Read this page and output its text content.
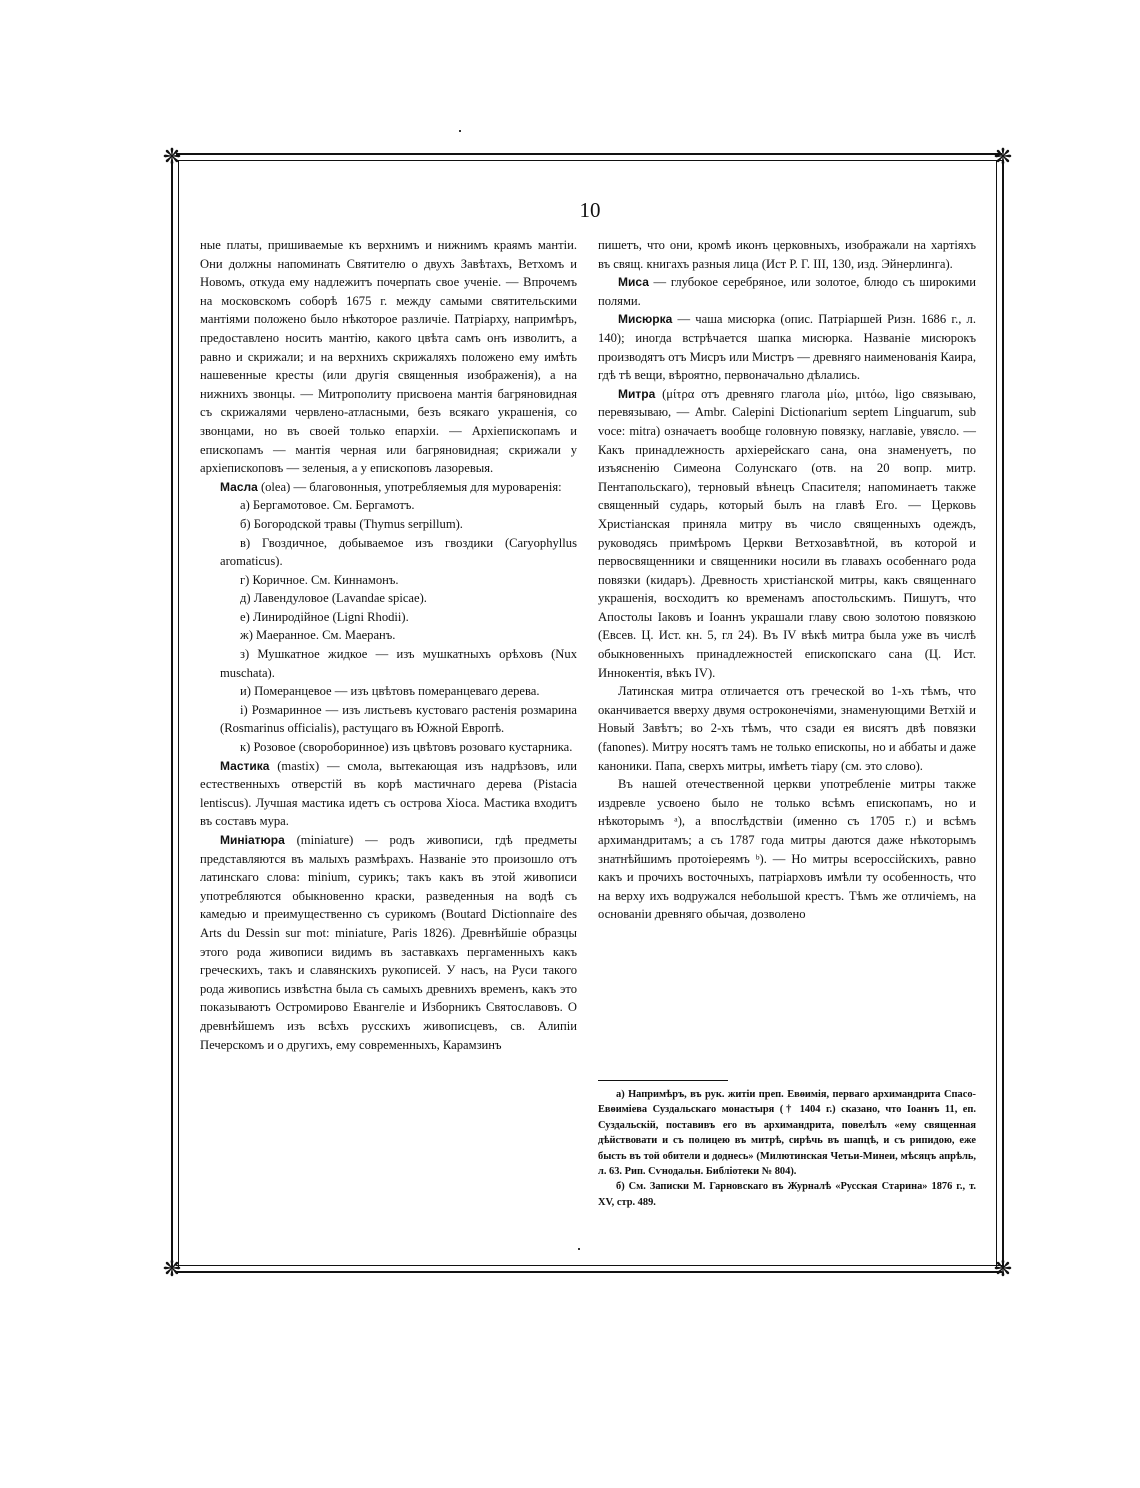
❋	❋
❋	❋
10

ные платы, пришиваемые къ верхнимъ и нижнимъ краямъ мантіи. Они должны напоминать Святителю о двухъ Завѣтахъ, Ветхомъ и Новомъ, откуда ему надлежитъ почерпать свое ученіе. — Впрочемъ на московскомъ соборѣ 1675 г. между самыми святительскими мантіями положено было нѣкоторое различіе. Патріарху, напримѣръ, предоставлено носить мантію, какого цвѣта самъ онъ изволитъ, а равно и скрижали; и на верхнихъ скрижаляхъ положено ему имѣть нашевенные кресты (или другія священныя изображенія), а на нижнихъ звонцы. — Митрополиту присвоена мантія багряновидная съ скрижалями червлено-атласными, безъ всякаго украшенія, со звонцами, но въ своей только епархіи. — Архіепископамъ и епископамъ — мантія черная или багряновидная; скрижали у архіепископовъ — зеленыя, а у епископовъ лазоревыя.

Масла (olea) — благовонныя, употребляемыя для муроваренія:

а) Бергамотовое. См. Бергамотъ.

б) Богородской травы (Thymus serpillum).

в) Гвоздичное, добываемое изъ гвоздики (Caryophyllus aromaticus).

г) Коричное. См. Киннамонъ.

д) Лавендуловое (Lavandae spicae).

е) Линиродійное (Ligni Rhodii).

ж) Маеранное. См. Маеранъ.

з) Мушкатное жидкое — изъ мушкатныхъ орѣховъ (Nux muschata).

и) Померанцевое — изъ цвѣтовъ померанцеваго дерева.

і) Розмаринное — изъ листьевъ кустоваго растенія розмарина (Rosmarinus officialis), растущаго въ Южной Европѣ.

к) Розовое (свороборинное) изъ цвѣтовъ розоваго кустарника.

Мастика (mastix) — смола, вытекающая изъ надрѣзовъ, или естественныхъ отверстій въ корѣ мастичнаго дерева (Pistacia lentiscus). Лучшая мастика идетъ съ острова Хіоса. Мастика входитъ въ составъ мура.

Миніатюра (miniature) — родъ живописи, гдѣ предметы представляются въ малыхъ размѣрахъ. Названіе это произошло отъ латинскаго слова: minium, сурикъ; такъ какъ въ этой живописи употребляются обыкновенно краски, разведенныя на водѣ съ камедью и преимущественно съ сурикомъ (Boutard Dictionnaire des Arts du Dessin sur mot: miniature, Paris 1826). Древнѣйшіе образцы этого рода живописи видимъ въ заставкахъ пергаменныхъ какъ греческихъ, такъ и славянскихъ рукописей. У насъ, на Руси такого рода живопись извѣстна была съ самыхъ древнихъ временъ, какъ это показываютъ Остромирово Евангеліе и Изборникъ Святославовъ. О древнѣйшемъ изъ всѣхъ русскихъ живописцевъ, св. Алипіи Печерскомъ и о другихъ, ему современныхъ, Карамзинъ

пишетъ, что они, кромѣ иконъ церковныхъ, изображали на хартіяхъ въ свящ. книгахъ разныя лица (Ист Р. Г. III, 130, изд. Эйнерлинга).

Миса — глубокое серебряное, или золотое, блюдо съ широкими полями.

Мисюрка — чаша мисюрка (опис. Патріаршей Ризн. 1686 г., л. 140); иногда встрѣчается шапка мисюрка. Названіе мисюрокъ производятъ отъ Мисръ или Мистръ — древняго наименованія Каира, гдѣ тѣ вещи, вѣроятно, первоначально дѣлались.

Митра (μίτρα отъ древняго глагола μίω, μιτόω, ligo связываю, перевязываю, — Ambr. Calepini Dictionarium septem Linguarum, sub voce: mitra) означаетъ вообще головную повязку, наглавіе, увясло. — Какъ принадлежность архіерейскаго сана, она знаменуетъ, по изъясненію Симеона Солунскаго (отв. на 20 вопр. митр. Пентапольскаго), терновый вѣнецъ Спасителя; напоминаетъ также священный сударь, который былъ на главѣ Его. — Церковь Христіанская приняла митру въ число священныхъ одеждъ, руководясь примѣромъ Церкви Ветхозавѣтной, въ которой и первосвященники и священники носили въ главахъ особеннаго рода повязки (кидаръ). Древность христіанской митры, какъ священнаго украшенія, восходитъ ко временамъ апостольскимъ. Пишутъ, что Апостолы Іаковъ и Іоаннъ украшали главу свою золотою повязкою (Евсев. Ц. Ист. кн. 5, гл 24). Въ IV вѣкѣ митра была уже въ числѣ обыкновенныхъ принадлежностей епископскаго сана (Ц. Ист. Иннокентія, вѣкъ IV).

Латинская митра отличается отъ греческой во 1-хъ тѣмъ, что оканчивается вверху двумя остроконечіями, знаменующими Ветхій и Новый Завѣтъ; во 2-хъ тѣмъ, что сзади ея висятъ двѣ повязки (fanones). Митру носятъ тамъ не только епископы, но и аббаты и даже каноники. Папа, сверхъ митры, имѣетъ тіару (см. это слово).

Въ нашей отечественной церкви употребленіе митры также издревле усвоено было не только всѣмъ епископамъ, но и нѣкоторымъ ᵃ), а впослѣдствіи (именно съ 1705 г.) и всѣмъ архимандритамъ; а съ 1787 года митры даются даже нѣкоторымъ знатнѣйшимъ протоіереямъ ᵇ). — Но митры всероссійскихъ, равно какъ и прочихъ восточныхъ, патріарховъ имѣли ту особенность, что на верху ихъ водружался небольшой крестъ. Тѣмъ же отличіемъ, на основаніи древняго обычая, дозволено

а) Напримѣръ, въ рук. житіи преп. Евѳимія, перваго архимандрита Спасо-Евѳиміева Суздальскаго монастыря († 1404 г.) сказано, что Іоаннъ 11, еп. Суздальскій, поставивъ его въ архимандрита, повелѣлъ «ему священная дѣйствовати и съ полицею въ митрѣ, сирѣчь въ шапцѣ, и съ рипидою, еже бысть въ той обители и доднесь» (Милютинская Четьи-Минеи, мѣсяцъ апрѣль, л. 63. Рип. Сѵнодальн. Библіотеки № 804).

б) См. Записки М. Гарновскаго въ Журналѣ «Русская Старина» 1876 г., т. XV, стр. 489.
